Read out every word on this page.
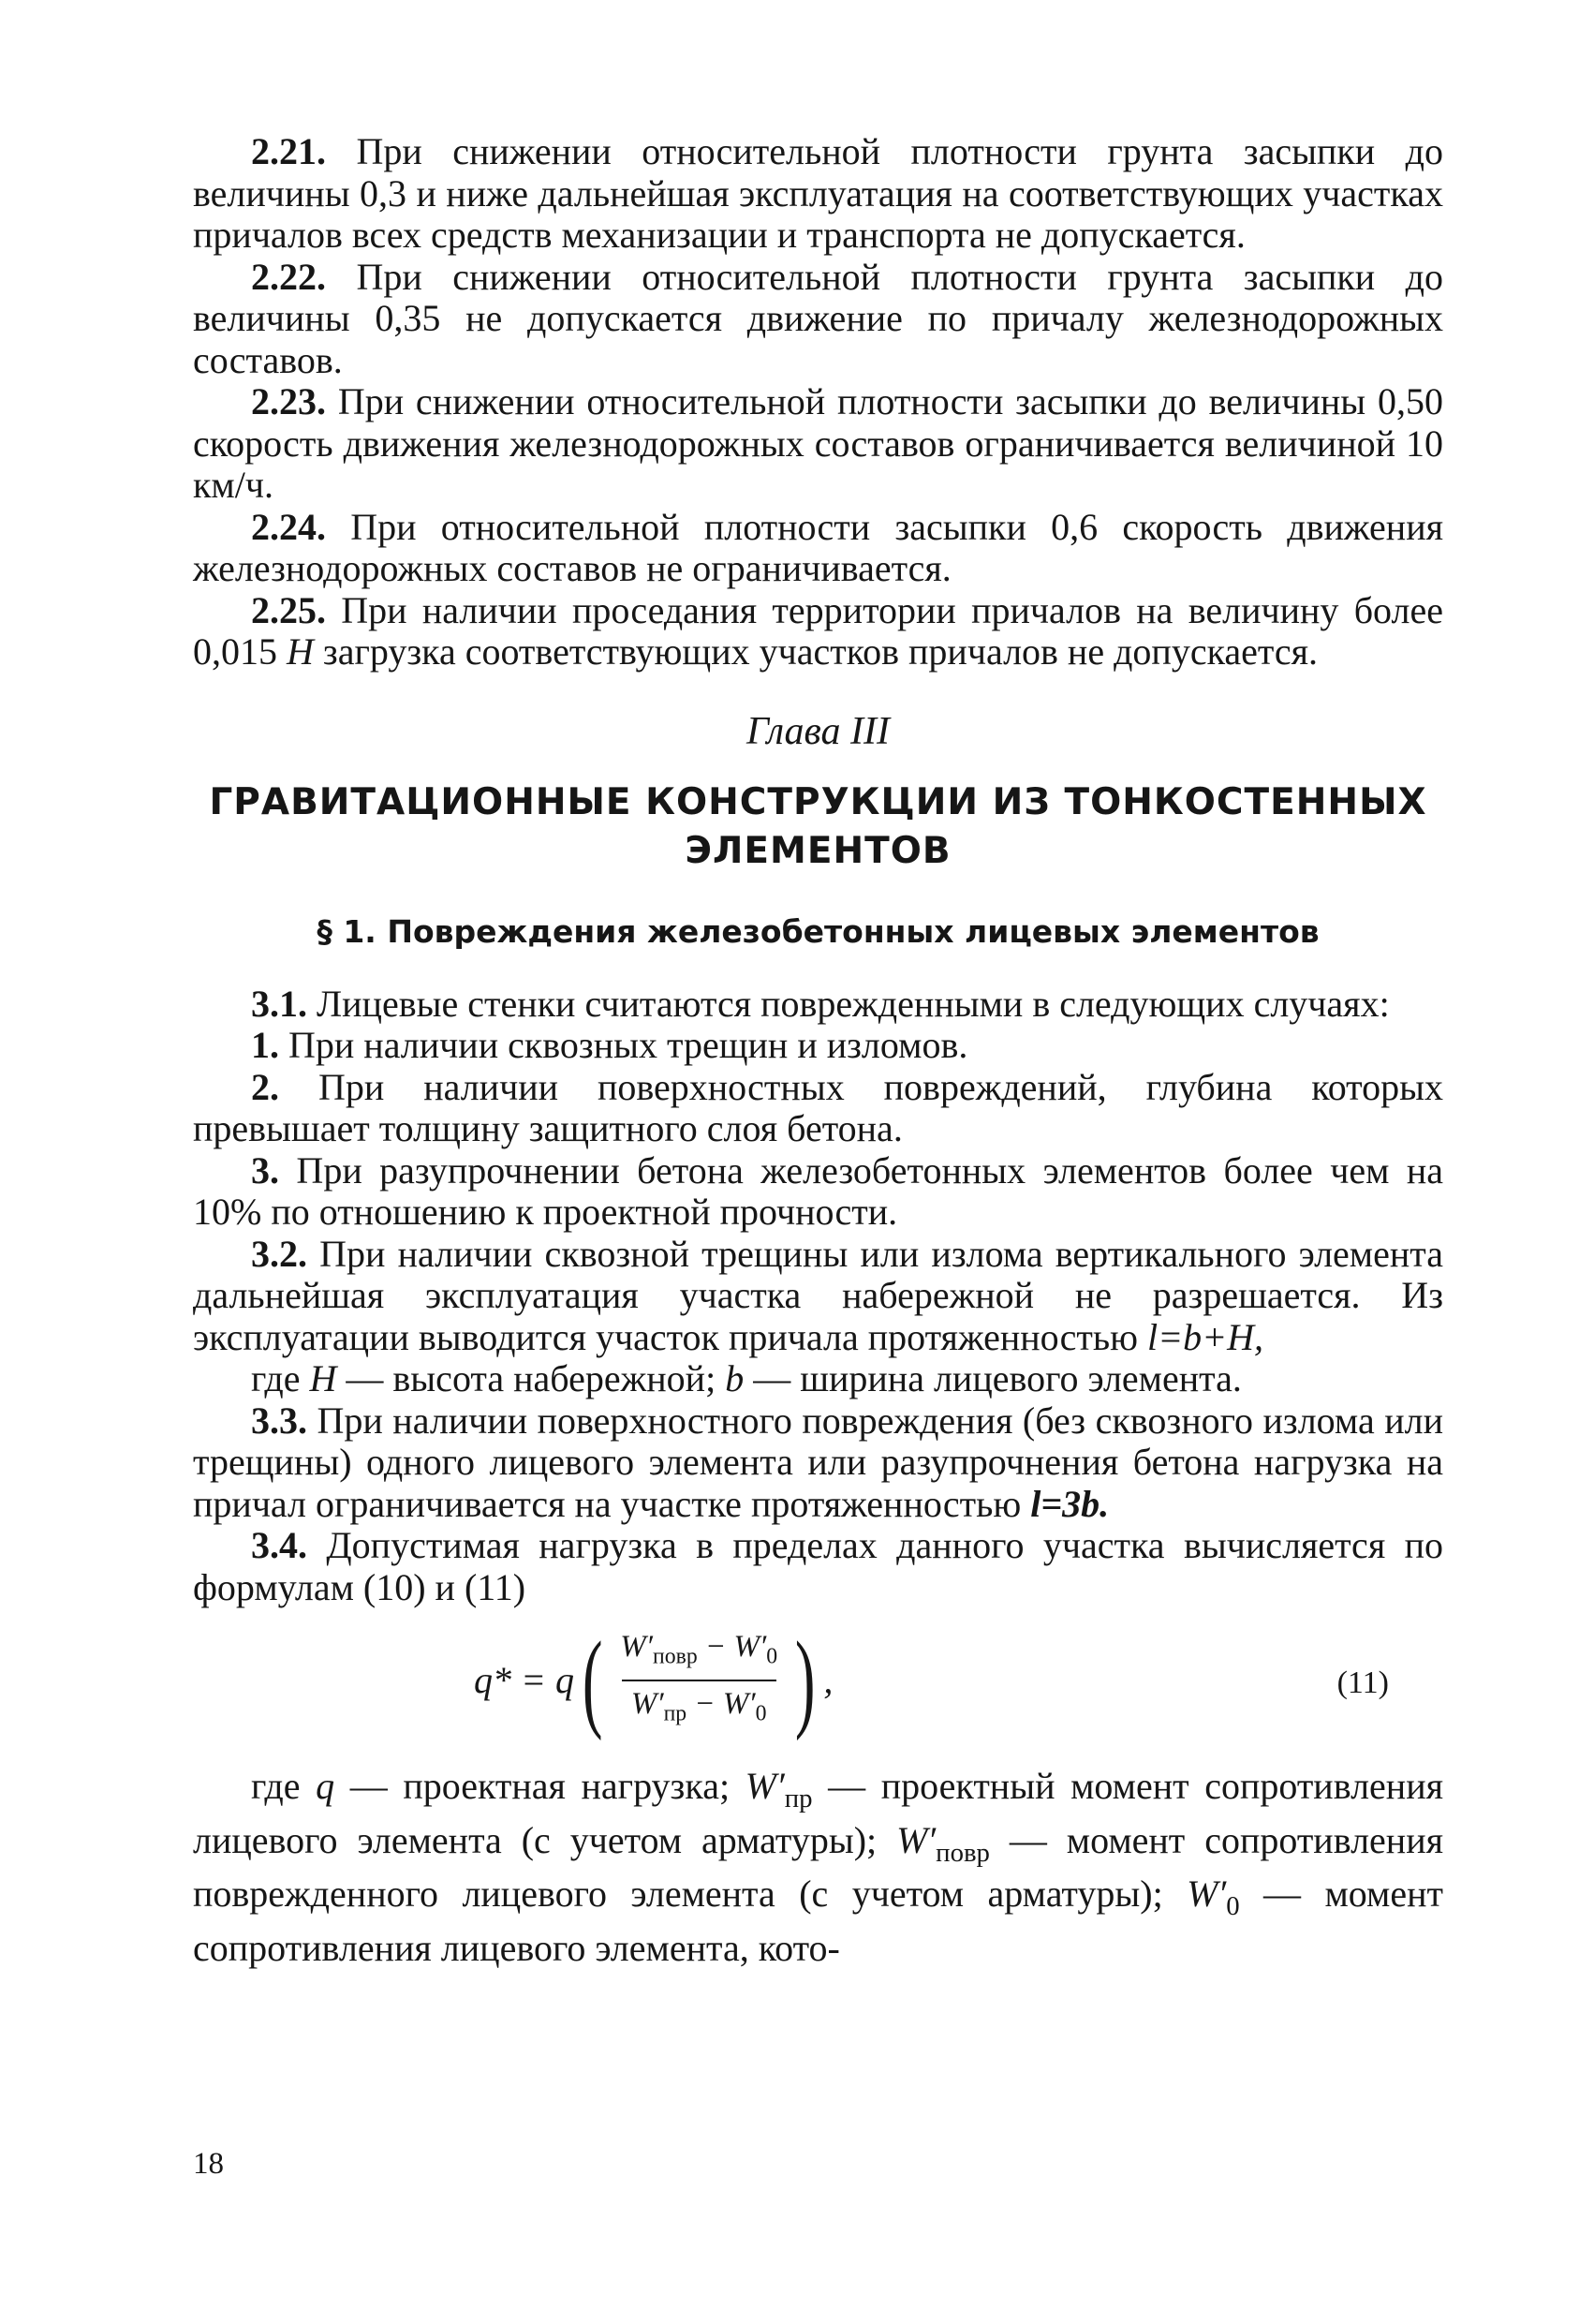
2.21. При снижении относительной плотности грунта засыпки до величины 0,3 и ниже дальнейшая эксплуатация на соответствующих участках причалов всех средств механизации и транспорта не допускается.

2.22. При снижении относительной плотности грунта засыпки до величины 0,35 не допускается движение по причалу железнодорожных составов.

2.23. При снижении относительной плотности засыпки до величины 0,50 скорость движения железнодорожных составов ограничивается величиной 10 км/ч.

2.24. При относительной плотности засыпки 0,6 скорость движения железнодорожных составов не ограничивается.

2.25. При наличии проседания территории причалов на величину более 0,015 H загрузка соответствующих участков причалов не допускается.

Глава III
ГРАВИТАЦИОННЫЕ КОНСТРУКЦИИ ИЗ ТОНКОСТЕННЫХ
ЭЛЕМЕНТОВ
§ 1. Повреждения железобетонных лицевых элементов

3.1. Лицевые стенки считаются поврежденными в следующих случаях:

1. При наличии сквозных трещин и изломов.

2. При наличии поверхностных повреждений, глубина которых превышает толщину защитного слоя бетона.

3. При разупрочнении бетона железобетонных элементов более чем на 10% по отношению к проектной прочности.

3.2. При наличии сквозной трещины или излома вертикального элемента дальнейшая эксплуатация участка набережной не разрешается. Из эксплуатации выводится участок причала протяженностью l=b+H,

где H — высота набережной; b — ширина лицевого элемента.

3.3. При наличии поверхностного повреждения (без сквозного излома или трещины) одного лицевого элемента или разупрочнения бетона нагрузка на причал ограничивается на участке протяженностью l=3b.

3.4. Допустимая нагрузка в пределах данного участка вычисляется по формулам (10) и (11)

q* = q ( $\frac{W'_{повр} - W'_0}{W'_{пр} - W'_0}$ ) ,	(11)

где q — проектная нагрузка; $W'_{пр}$ — проектный момент сопротивления лицевого элемента (с учетом арматуры); $W'_{повр}$ — момент сопротивления поврежденного лицевого элемента (с учетом арматуры); $W'_0$ — момент сопротивления лицевого элемента, кото-

18
